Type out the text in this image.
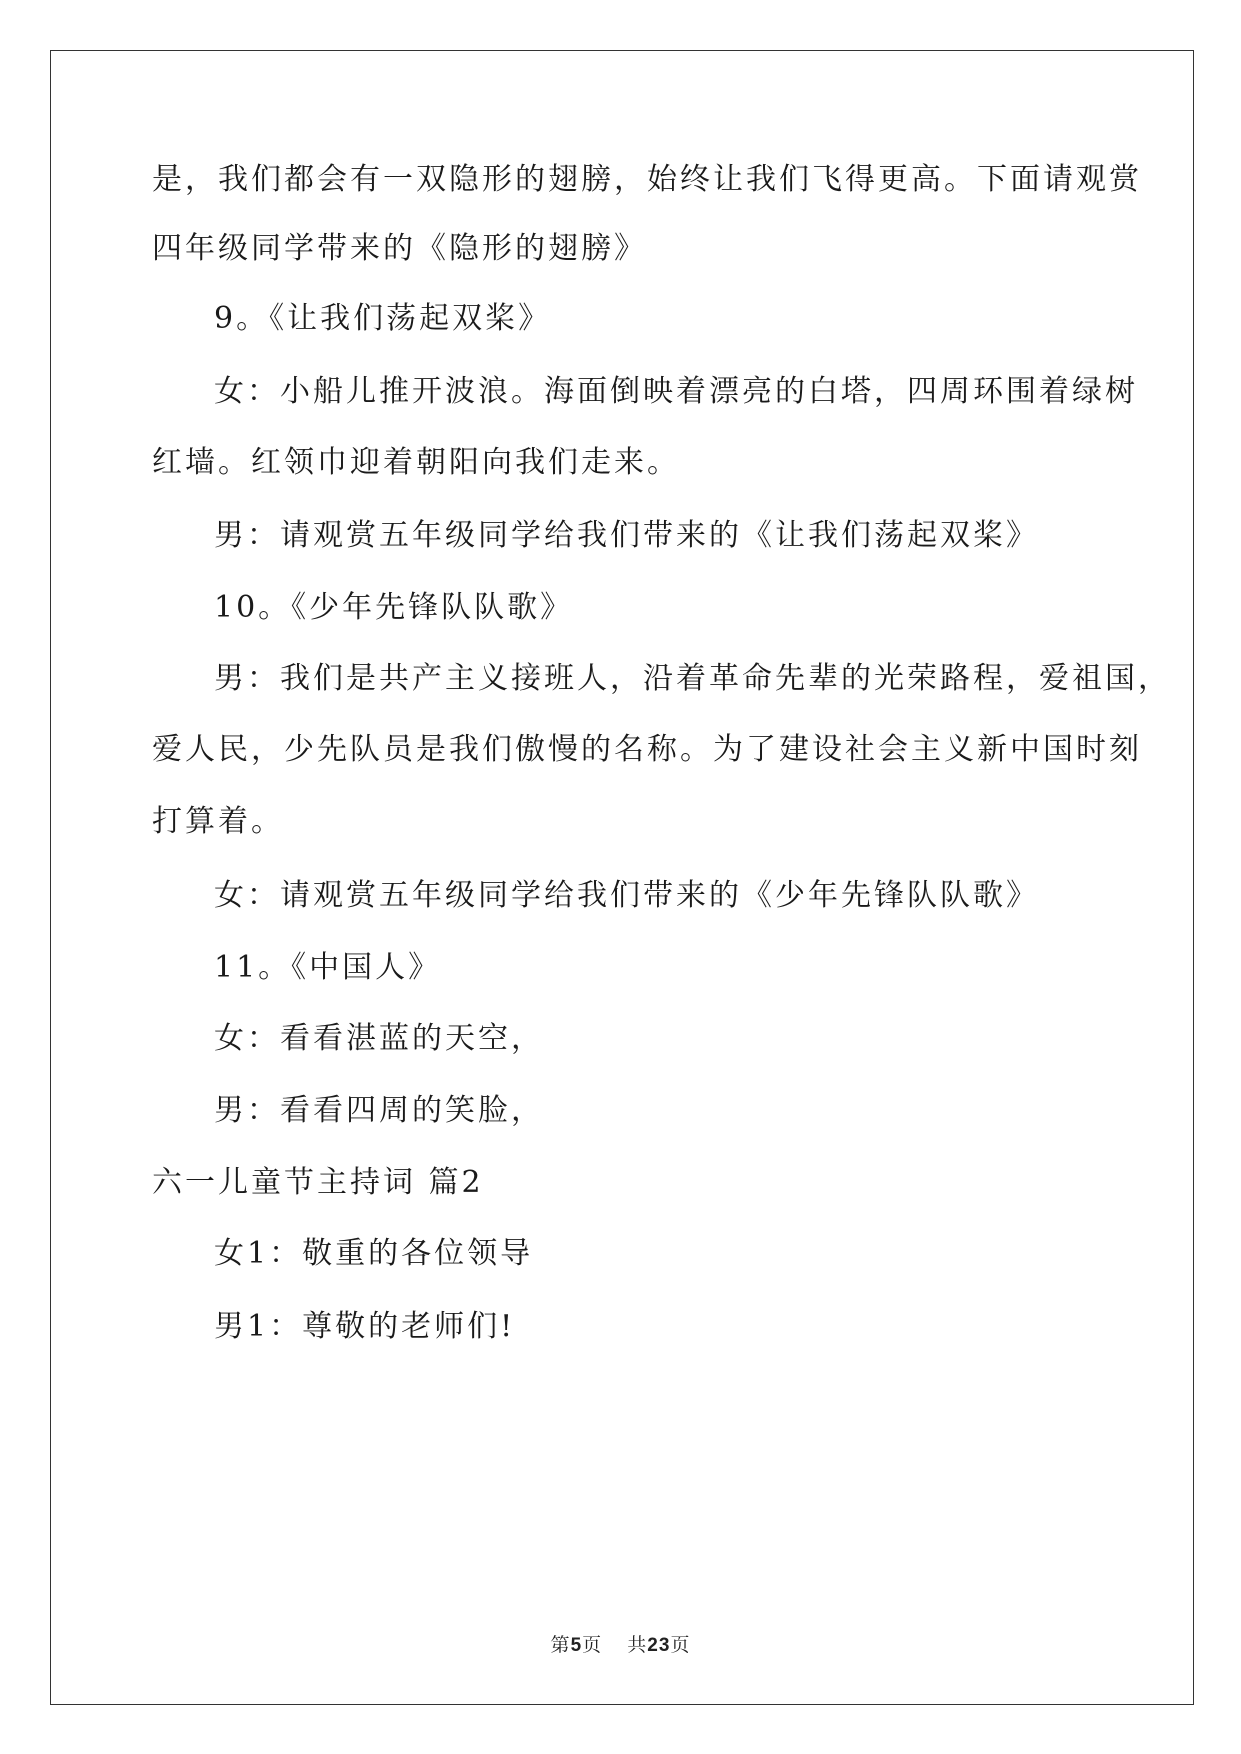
是，我们都会有一双隐形的翅膀，始终让我们飞得更高。下面请观赏
四年级同学带来的《隐形的翅膀》
9。《让我们荡起双桨》
女：小船儿推开波浪。海面倒映着漂亮的白塔，四周环围着绿树
红墙。红领巾迎着朝阳向我们走来。
男：请观赏五年级同学给我们带来的《让我们荡起双桨》
10。《少年先锋队队歌》
男：我们是共产主义接班人，沿着革命先辈的光荣路程，爱祖国，
爱人民，少先队员是我们傲慢的名称。为了建设社会主义新中国时刻
打算着。
女：请观赏五年级同学给我们带来的《少年先锋队队歌》
11。《中国人》
女：看看湛蓝的天空，
男：看看四周的笑脸，
六一儿童节主持词 篇2
女1：敬重的各位领导
男1：尊敬的老师们!
第5页 共23页
